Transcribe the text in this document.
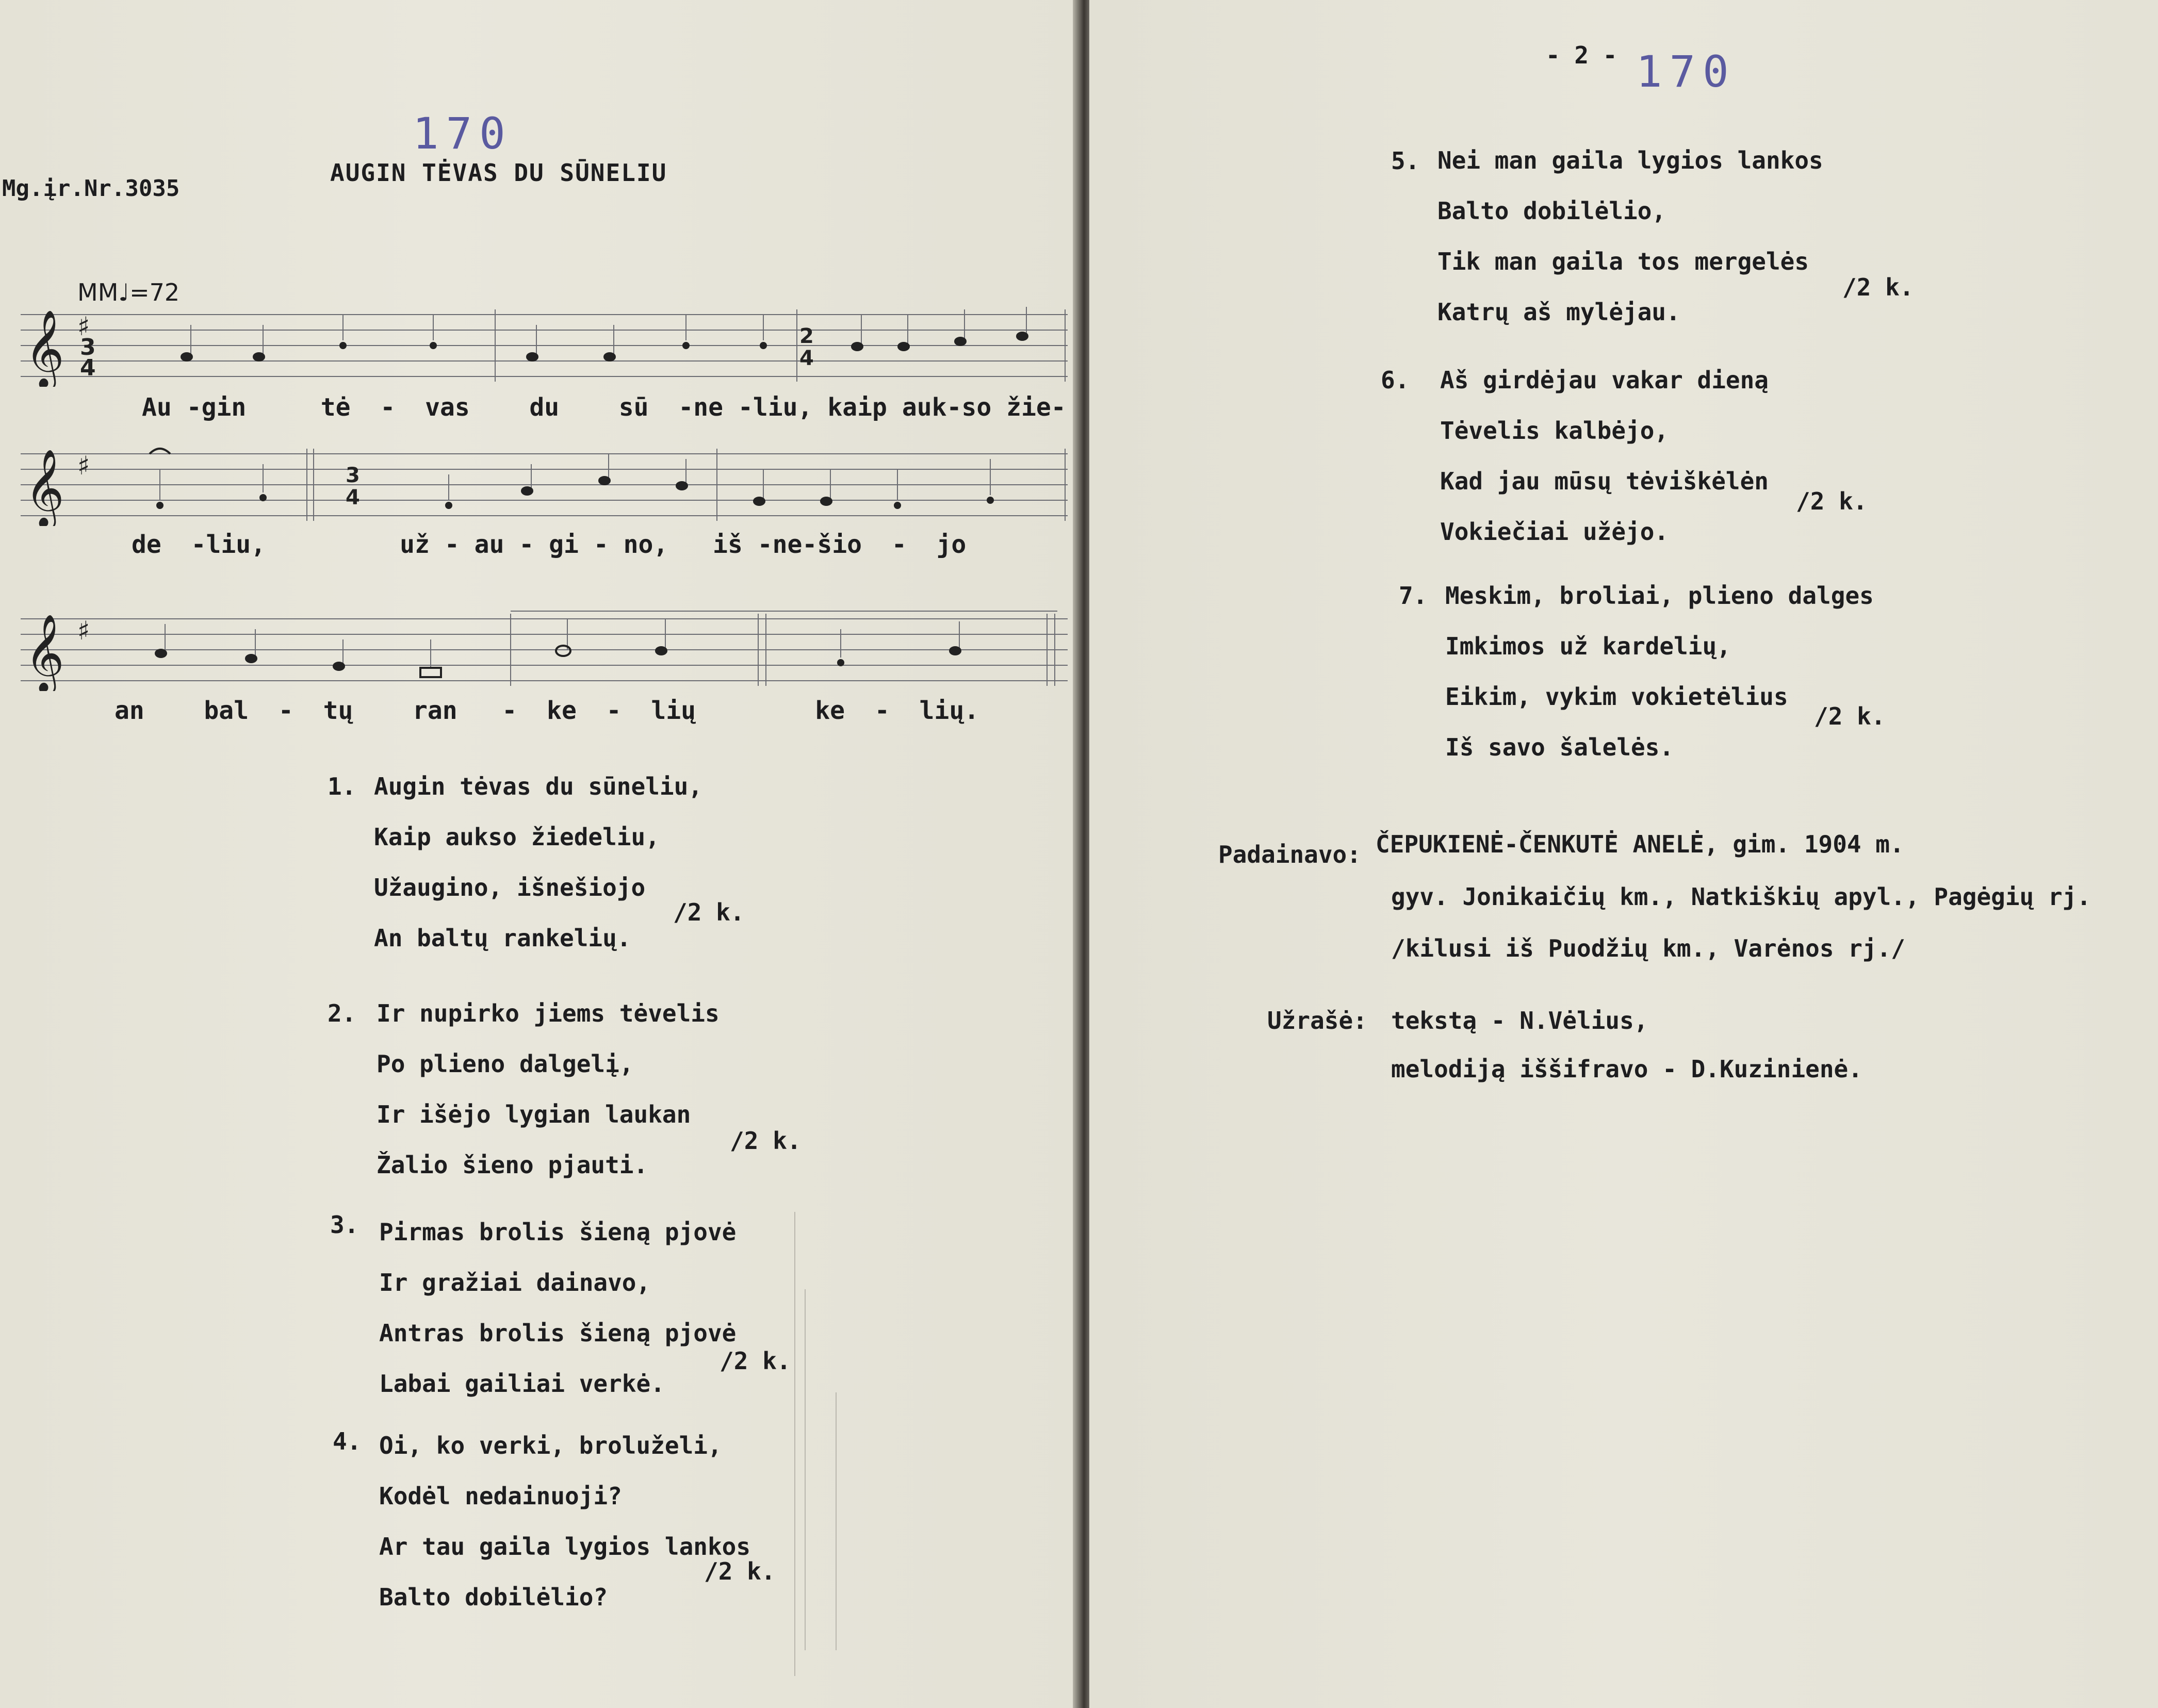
170
Mg.įr.Nr.3035
AUGIN TĖVAS DU SŪNELIU
MM♩=72
𝄞 ♯
3
4
2
4
Au -gin     tė  -  vas    du    sū  -ne -liu, kaip auk-so žie-
𝄞 ♯	3
4
de  -liu,         už - au - gi - no,   iš -ne-šio  -  jo
𝄞 ♯
an    bal  -  tų    ran   -  ke  -  lių        ke  -  lių.
1. Augin tėvas du sūneliu,
Kaip aukso žiedeliu,
Užaugino, išnešiojo
An baltų rankelių.
/2 k.
2. Ir nupirko jiems tėvelis
Po plieno dalgelį,
Ir išėjo lygian laukan
Žalio šieno pjauti.
/2 k.
3. Pirmas brolis šieną pjovė
Ir gražiai dainavo,
Antras brolis šieną pjovė
Labai gailiai verkė.
/2 k.
4. Oi, ko verki, broluželi,
Kodėl nedainuoji?
Ar tau gaila lygios lankos
Balto dobilėlio?
/2 k.
- 2 - 170
5. Nei man gaila lygios lankos
Balto dobilėlio,
Tik man gaila tos mergelės
Katrų aš mylėjau.
/2 k.
6. Aš girdėjau vakar dieną
Tėvelis kalbėjo,
Kad jau mūsų tėviškėlėn
Vokiečiai užėjo.
/2 k.
7. Meskim, broliai, plieno dalges
Imkimos už kardelių,
Eikim, vykim vokietėlius
Iš savo šalelės.
/2 k.
Padainavo: ČEPUKIENĖ-ČENKUTĖ ANELĖ, gim. 1904 m.
gyv. Jonikaičių km., Natkiškių apyl., Pagėgių rj.
/kilusi iš Puodžių km., Varėnos rj./
Užrašė: tekstą - N.Vėlius,
melodiją iššifravo - D.Kuzinienė.
